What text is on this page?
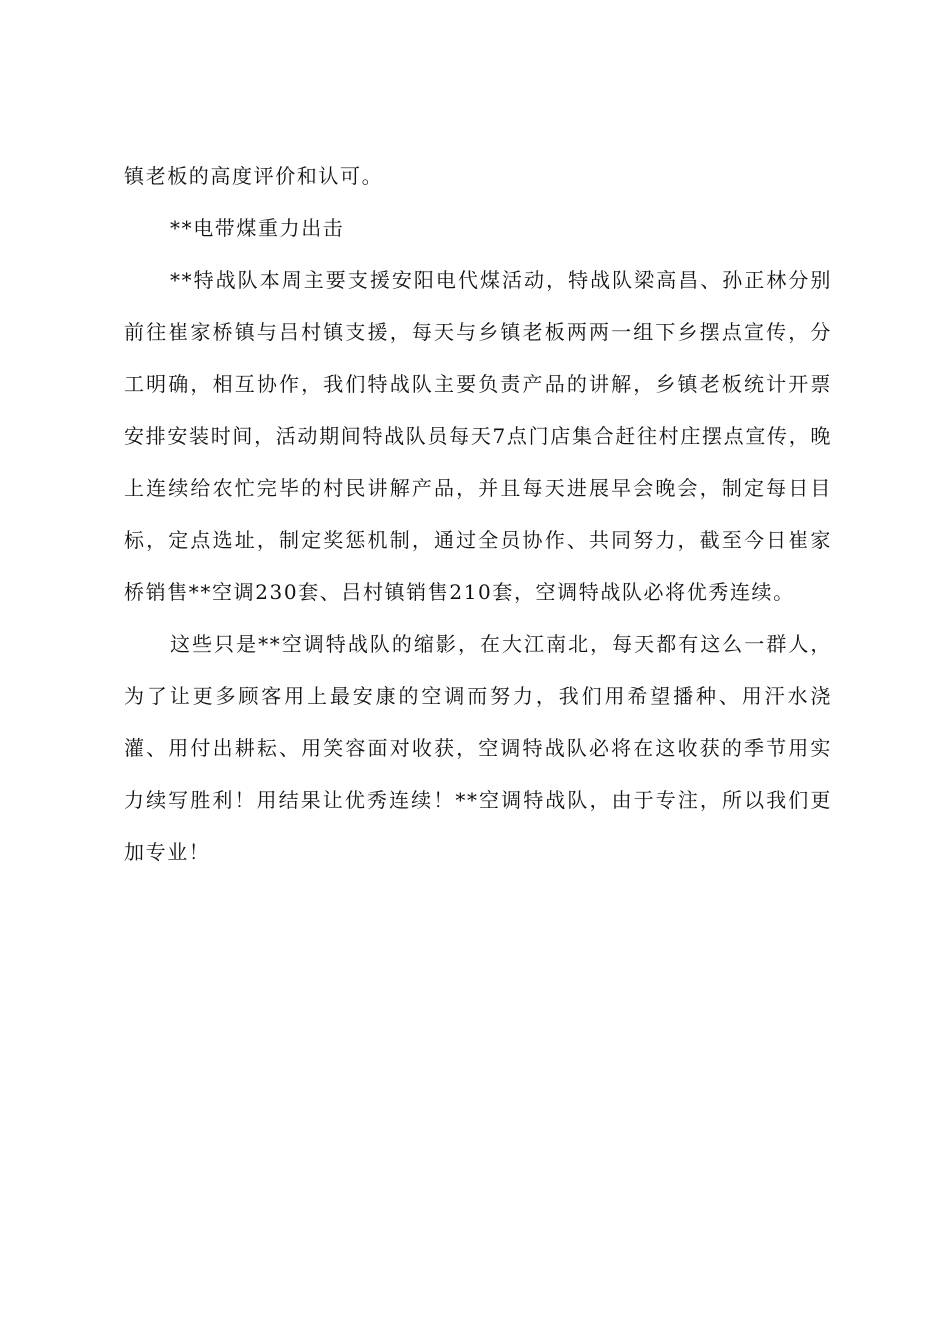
镇老板的高度评价和认可。

**电带煤重力出击

**特战队本周主要支援安阳电代煤活动，特战队梁高昌、孙正林分别前往崔家桥镇与吕村镇支援，每天与乡镇老板两两一组下乡摆点宣传，分工明确，相互协作，我们特战队主要负责产品的讲解，乡镇老板统计开票安排安装时间，活动期间特战队员每天7点门店集合赶往村庄摆点宣传，晚上连续给农忙完毕的村民讲解产品，并且每天进展早会晚会，制定每日目标，定点选址，制定奖惩机制，通过全员协作、共同努力，截至今日崔家桥销售**空调230套、吕村镇销售210套，空调特战队必将优秀连续。

这些只是**空调特战队的缩影，在大江南北，每天都有这么一群人，为了让更多顾客用上最安康的空调而努力，我们用希望播种、用汗水浇灌、用付出耕耘、用笑容面对收获，空调特战队必将在这收获的季节用实力续写胜利！用结果让优秀连续！**空调特战队，由于专注，所以我们更加专业！
